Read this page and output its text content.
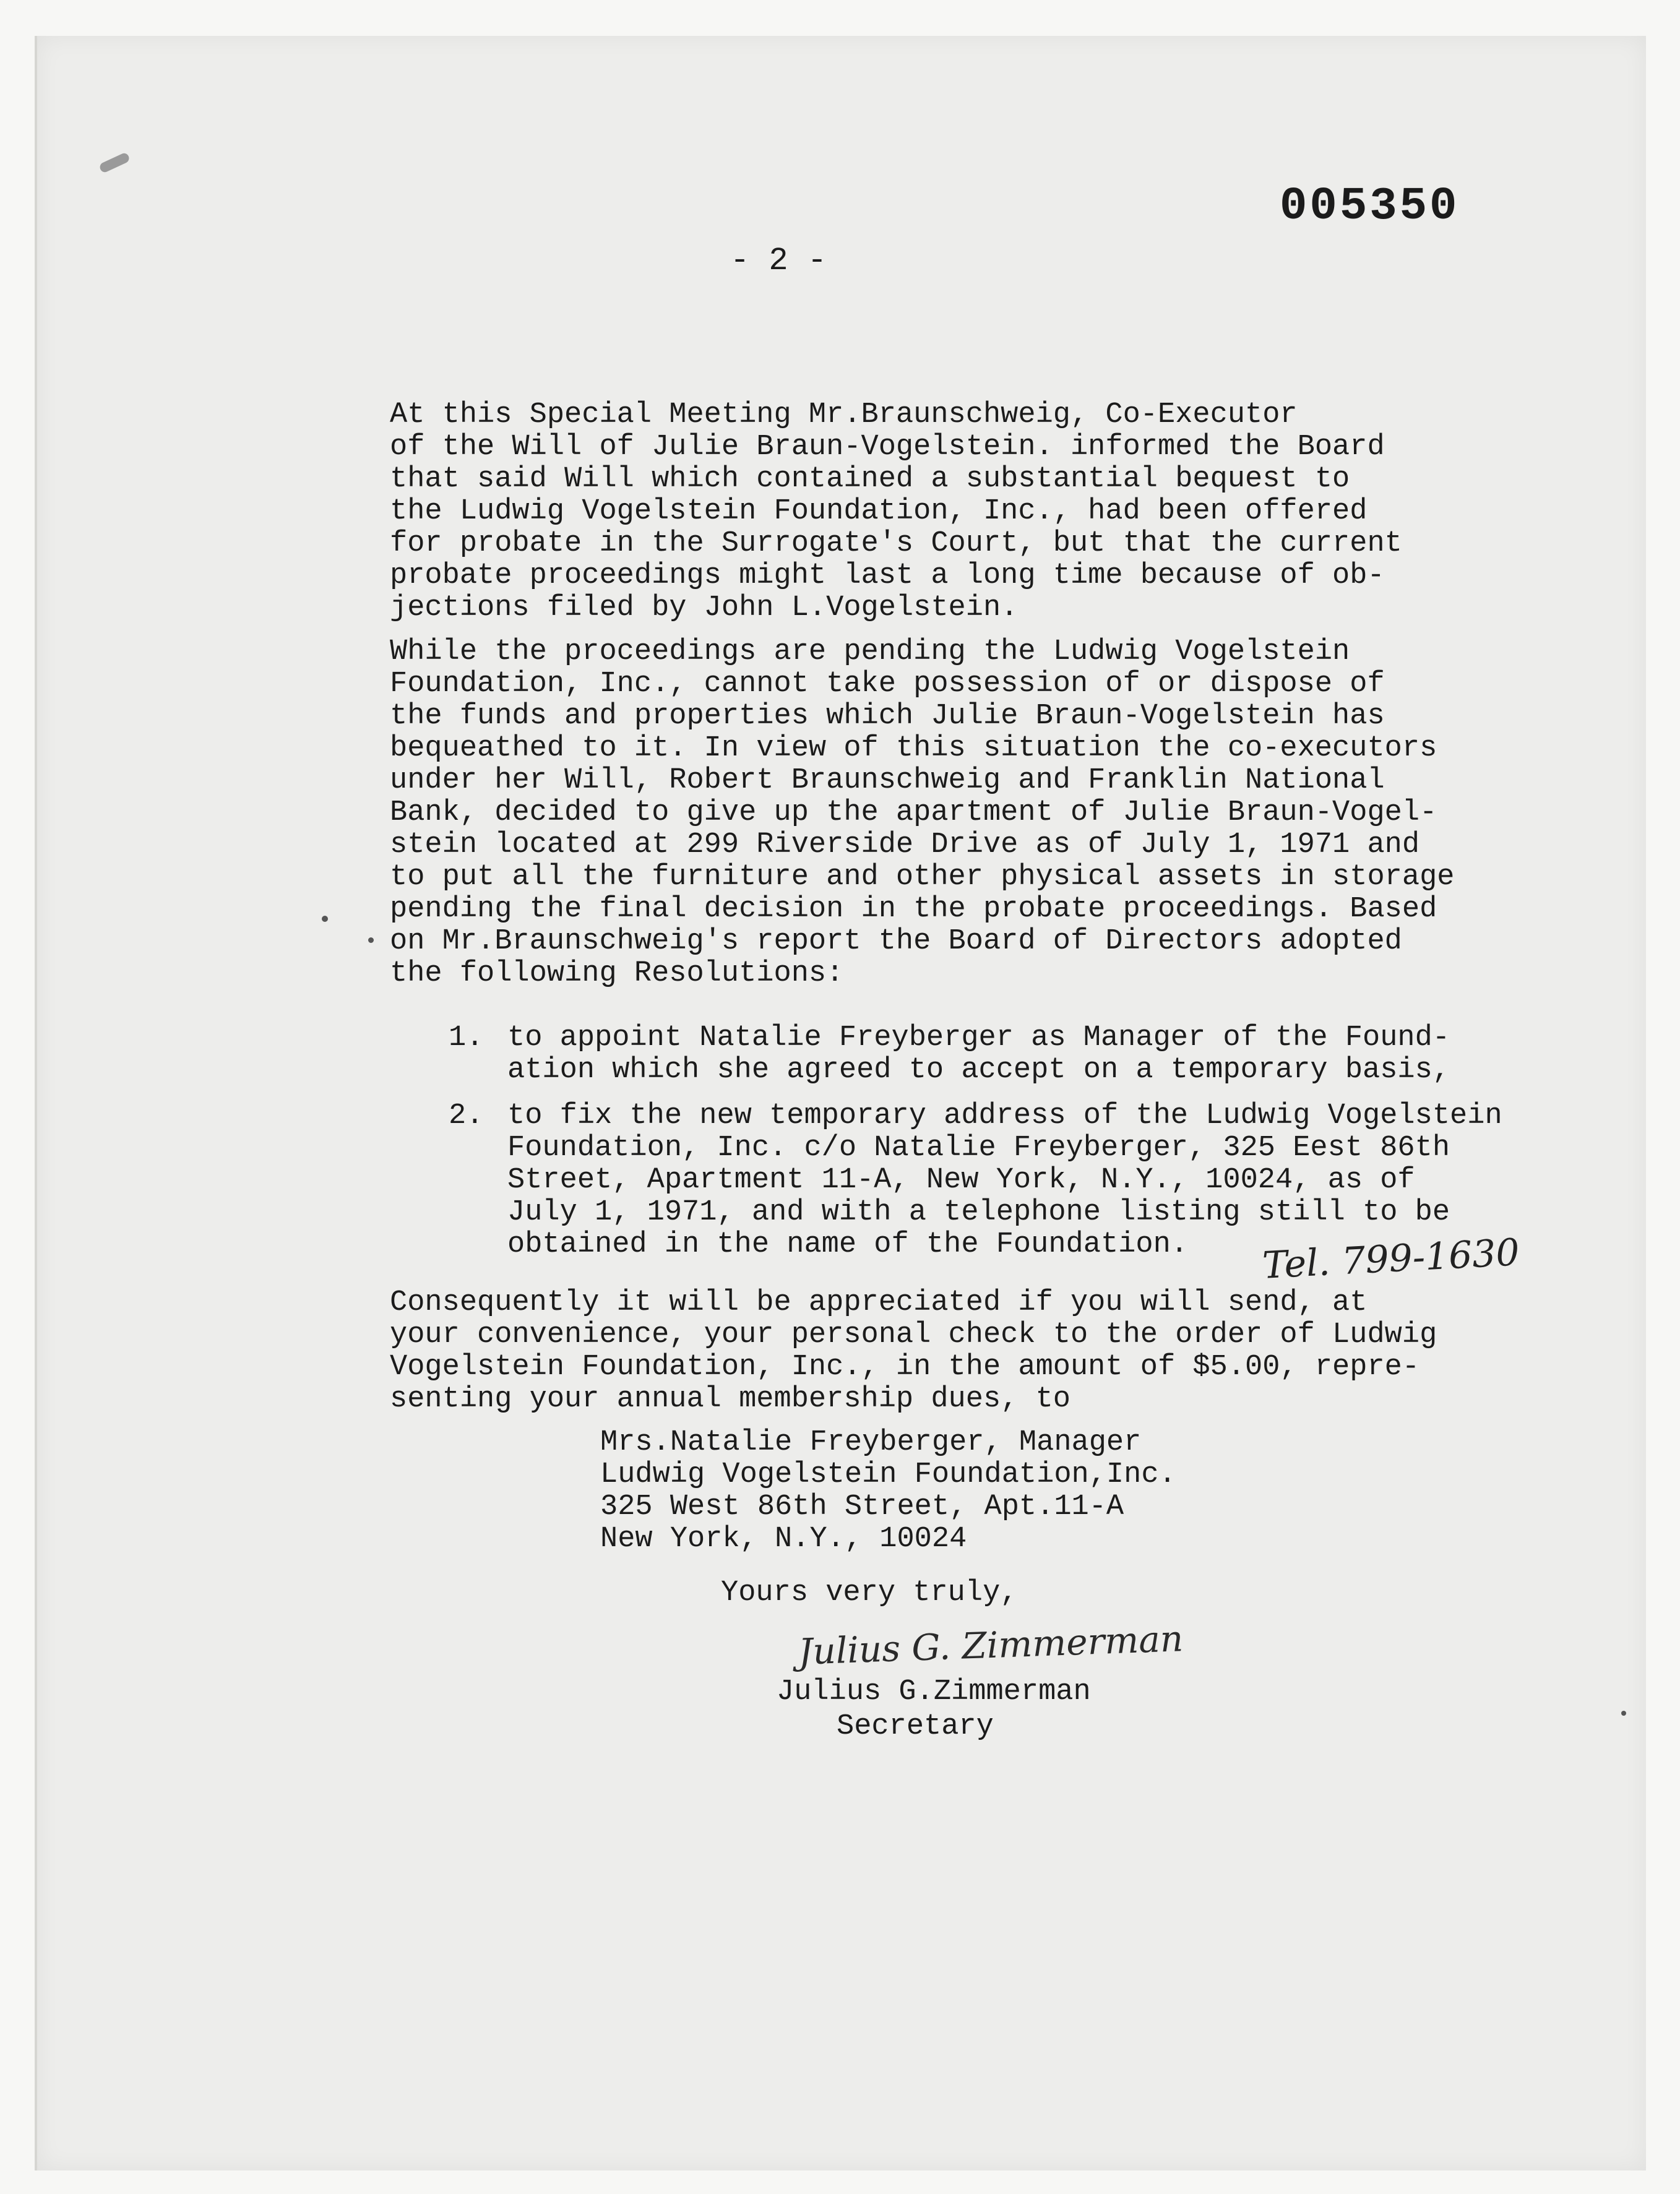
005350
- 2 -
At this Special Meeting Mr.Braunschweig, Co-Executor
of the Will of Julie Braun-Vogelstein. informed the Board
that said Will which contained a substantial bequest to
the Ludwig Vogelstein Foundation, Inc., had been offered
for probate in the Surrogate's Court, but that the current
probate proceedings might last a long time because of ob-
jections filed by John L.Vogelstein.
While the proceedings are pending the Ludwig Vogelstein
Foundation, Inc., cannot take possession of or dispose of
the funds and properties which Julie Braun-Vogelstein has
bequeathed to it. In view of this situation the co-executors
under her Will, Robert Braunschweig and Franklin National
Bank, decided to give up the apartment of Julie Braun-Vogel-
stein located at 299 Riverside Drive as of July 1, 1971 and
to put all the furniture and other physical assets in storage
pending the final decision in the probate proceedings. Based
on Mr.Braunschweig's report the Board of Directors adopted
the following Resolutions:
1. to appoint Natalie Freyberger as Manager of the Found-
ation which she agreed to accept on a temporary basis,
2. to fix the new temporary address of the Ludwig Vogelstein
Foundation, Inc. c/o Natalie Freyberger, 325 Eest 86th
Street, Apartment 11-A, New York, N.Y., 10024, as of
July 1, 1971, and with a telephone listing still to be
obtained in the name of the Foundation.	Tel. 799-1630
Consequently it will be appreciated if you will send, at
your convenience, your personal check to the order of Ludwig
Vogelstein Foundation, Inc., in the amount of $5.00, repre-
senting your annual membership dues, to
Mrs.Natalie Freyberger, Manager
Ludwig Vogelstein Foundation,Inc.
325 West 86th Street, Apt.11-A
New York, N.Y., 10024
Yours very truly,
Julius G. Zimmerman
Julius G.Zimmerman
Secretary
